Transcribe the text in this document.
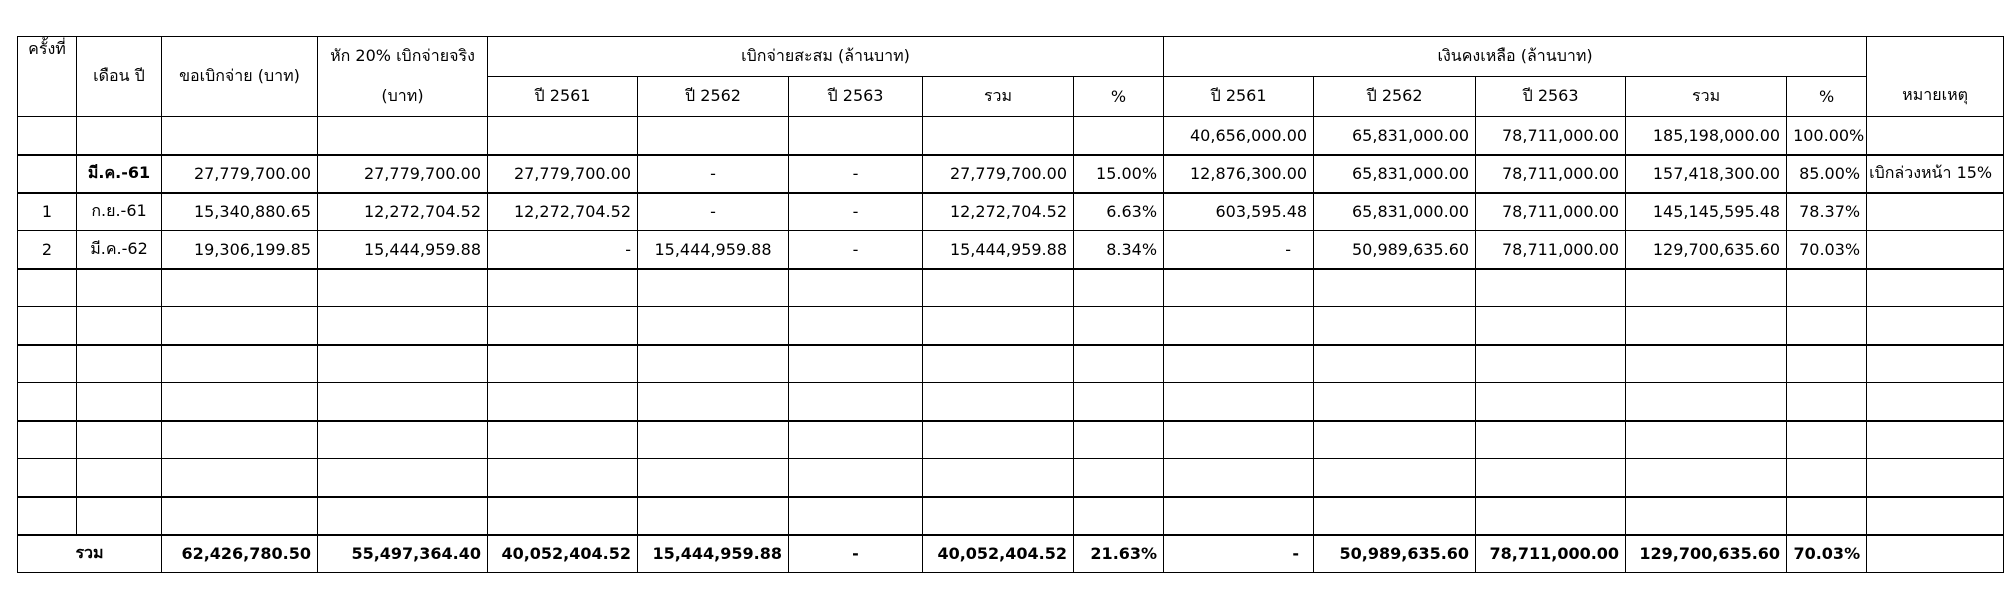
ครั้งที่	เดือน ปี	ขอเบิกจ่าย (บาท)	หัก 20% เบิกจ่ายจริง	เบิกจ่ายสะสม (ล้านบาท)					เงินคงเหลือ (ล้านบาท)					หมายเหตุ
			(บาท)	ปี 2561	ปี 2562	ปี 2563	รวม	%	ปี 2561	ปี 2562	ปี 2563	รวม	%	
									40,656,000.00	65,831,000.00	78,711,000.00	185,198,000.00	100.00%	
	มี.ค.-61	27,779,700.00	27,779,700.00	27,779,700.00	-	-	27,779,700.00	15.00%	12,876,300.00	65,831,000.00	78,711,000.00	157,418,300.00	85.00%	เบิกล่วงหน้า 15%
1	ก.ย.-61	15,340,880.65	12,272,704.52	12,272,704.52	-	-	12,272,704.52	6.63%	603,595.48	65,831,000.00	78,711,000.00	145,145,595.48	78.37%	
2	มี.ค.-62	19,306,199.85	15,444,959.88	-	15,444,959.88	-	15,444,959.88	8.34%	-	50,989,635.60	78,711,000.00	129,700,635.60	70.03%	

รวม		62,426,780.50	55,497,364.40	40,052,404.52	15,444,959.88	-	40,052,404.52	21.63%	-	50,989,635.60	78,711,000.00	129,700,635.60	70.03%	
